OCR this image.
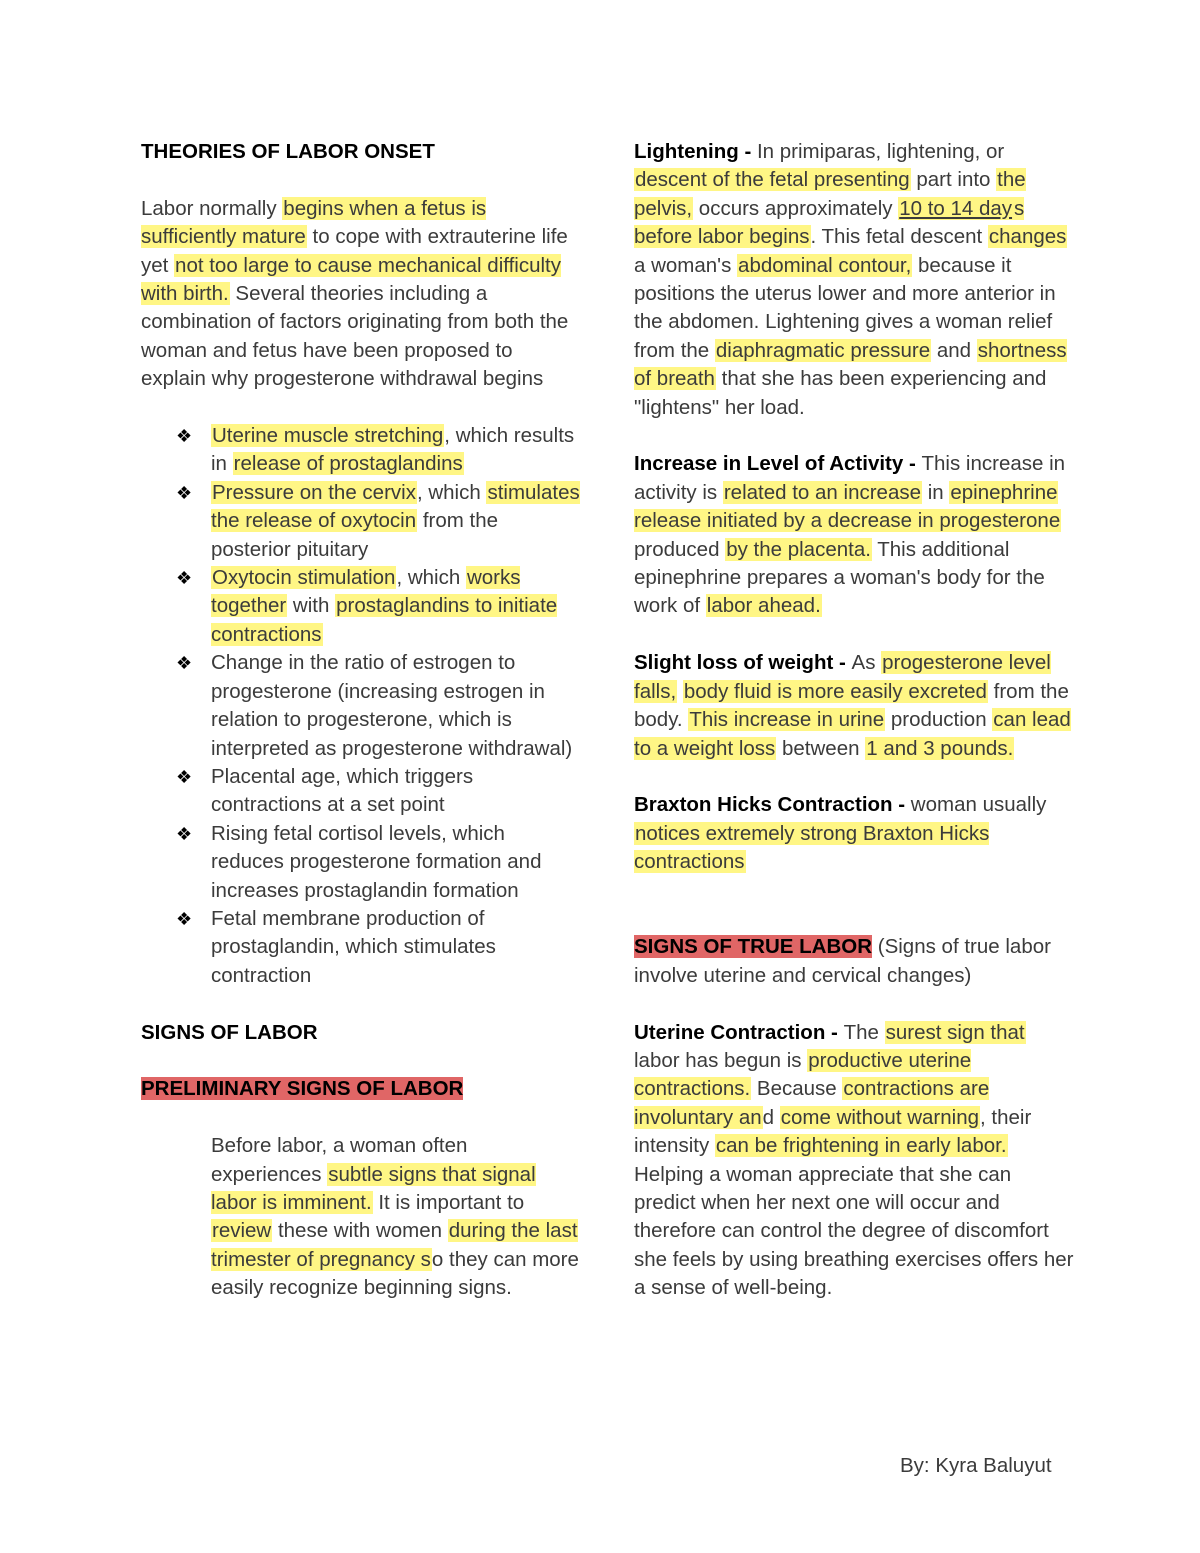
THEORIES OF LABOR ONSET

Labor normally begins when a fetus is sufficiently mature to cope with extrauterine life yet not too large to cause mechanical difficulty with birth. Several theories including a combination of factors originating from both the woman and fetus have been proposed to explain why progesterone withdrawal begins

❖ Uterine muscle stretching, which results in release of prostaglandins
❖ Pressure on the cervix, which stimulates the release of oxytocin from the posterior pituitary
❖ Oxytocin stimulation, which works together with prostaglandins to initiate contractions
❖ Change in the ratio of estrogen to progesterone (increasing estrogen in relation to progesterone, which is interpreted as progesterone withdrawal)
❖ Placental age, which triggers contractions at a set point
❖ Rising fetal cortisol levels, which reduces progesterone formation and increases prostaglandin formation
❖ Fetal membrane production of prostaglandin, which stimulates contraction

SIGNS OF LABOR

PRELIMINARY SIGNS OF LABOR

Before labor, a woman often experiences subtle signs that signal labor is imminent. It is important to review these with women during the last trimester of pregnancy so they can more easily recognize beginning signs.

Lightening - In primiparas, lightening, or descent of the fetal presenting part into the pelvis, occurs approximately 10 to 14 days before labor begins. This fetal descent changes a woman's abdominal contour, because it positions the uterus lower and more anterior in the abdomen. Lightening gives a woman relief from the diaphragmatic pressure and shortness of breath that she has been experiencing and "lightens" her load.

Increase in Level of Activity - This increase in activity is related to an increase in epinephrine release initiated by a decrease in progesterone produced by the placenta. This additional epinephrine prepares a woman's body for the work of labor ahead.

Slight loss of weight - As progesterone level falls, body fluid is more easily excreted from the body. This increase in urine production can lead to a weight loss between 1 and 3 pounds.

Braxton Hicks Contraction - woman usually notices extremely strong Braxton Hicks contractions

SIGNS OF TRUE LABOR (Signs of true labor involve uterine and cervical changes)

Uterine Contraction - The surest sign that labor has begun is productive uterine contractions. Because contractions are involuntary and come without warning, their intensity can be frightening in early labor. Helping a woman appreciate that she can predict when her next one will occur and therefore can control the degree of discomfort she feels by using breathing exercises offers her a sense of well-being.

By: Kyra Baluyut
